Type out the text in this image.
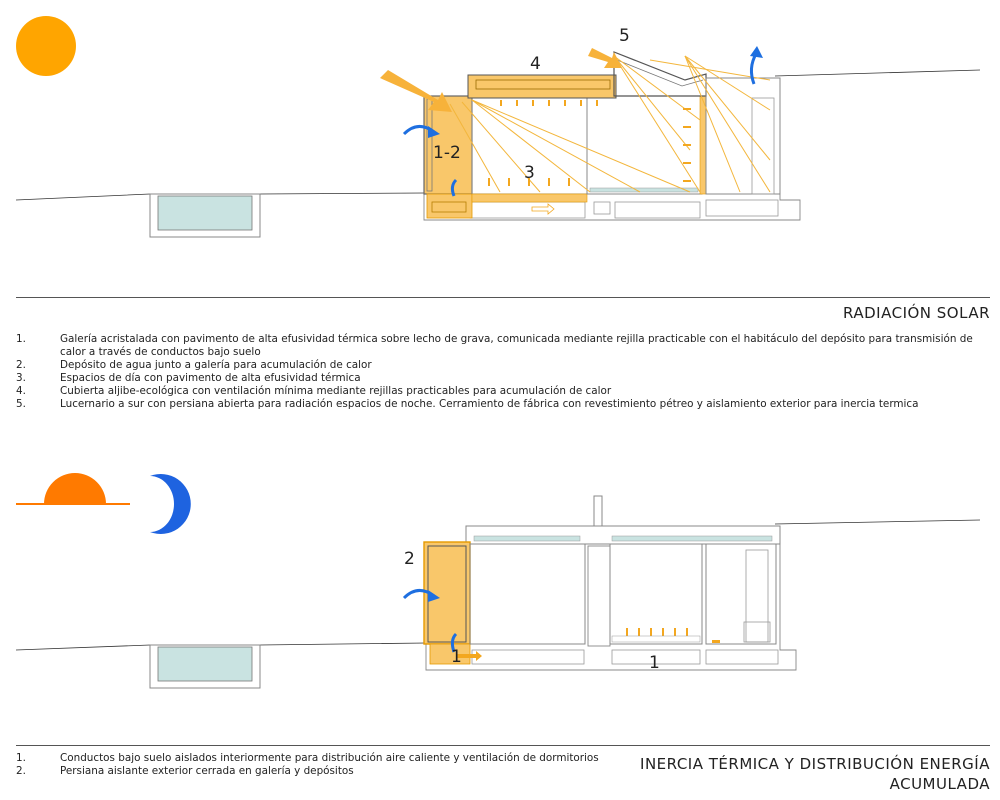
1-2
3
4
5
RADIACIÓN SOLAR
1.	Galería acristalada con pavimento de alta efusividad térmica sobre lecho de grava, comunicada mediante rejilla practicable con el habitáculo del depósito para transmisión de calor a través de conductos bajo suelo
2.	Depósito de agua junto a galería para acumulación de calor
3.	Espacios de día con pavimento de alta efusividad térmica
4.	Cubierta aljibe-ecológica con ventilación mínima mediante rejillas practicables para acumulación de calor
5.	Lucernario a sur con persiana abierta para radiación espacios de noche. Cerramiento de fábrica con revestimiento pétreo y aislamiento exterior para inercia termica
2
1	1
1.	Conductos bajo suelo aislados interiormente para distribución aire caliente y ventilación de dormitorios
2.	Persiana aislante exterior cerrada en galería y depósitos	INERCIA TÉRMICA Y DISTRIBUCIÓN ENERGÍA
ACUMULADA
